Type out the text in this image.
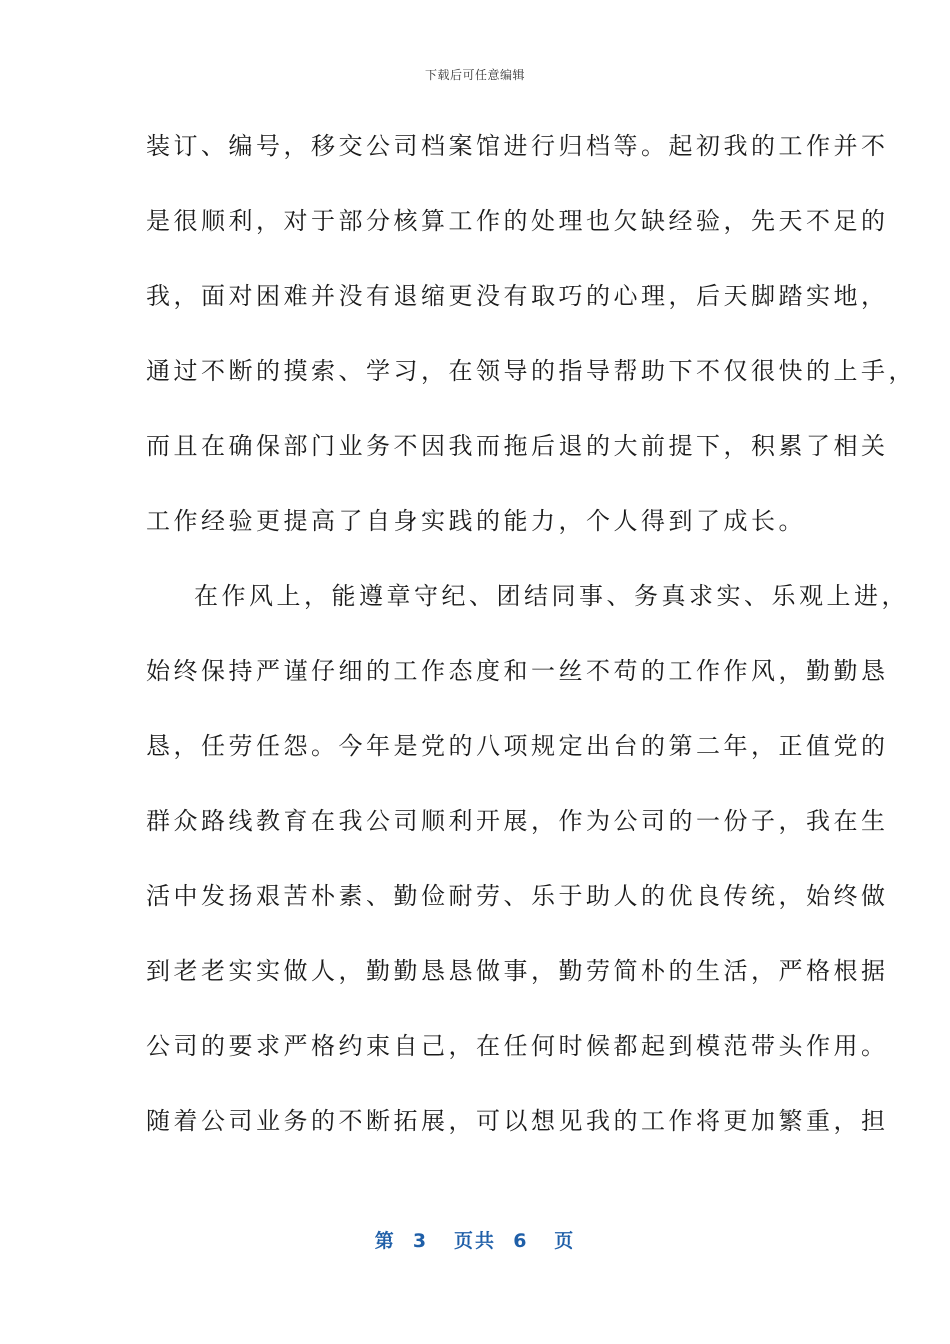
下载后可任意编辑
装订、编号，移交公司档案馆进行归档等。起初我的工作并不
是很顺利，对于部分核算工作的处理也欠缺经验，先天不足的
我，面对困难并没有退缩更没有取巧的心理，后天脚踏实地，
通过不断的摸索、学习，在领导的指导帮助下不仅很快的上手，
而且在确保部门业务不因我而拖后退的大前提下，积累了相关
工作经验更提高了自身实践的能力，个人得到了成长。
在作风上，能遵章守纪、团结同事、务真求实、乐观上进，
始终保持严谨仔细的工作态度和一丝不苟的工作作风，勤勤恳
恳，任劳任怨。今年是党的八项规定出台的第二年，正值党的
群众路线教育在我公司顺利开展，作为公司的一份子，我在生
活中发扬艰苦朴素、勤俭耐劳、乐于助人的优良传统，始终做
到老老实实做人，勤勤恳恳做事，勤劳简朴的生活，严格根据
公司的要求严格约束自己，在任何时候都起到模范带头作用。
随着公司业务的不断拓展，可以想见我的工作将更加繁重，担
第  3   页共  6   页
